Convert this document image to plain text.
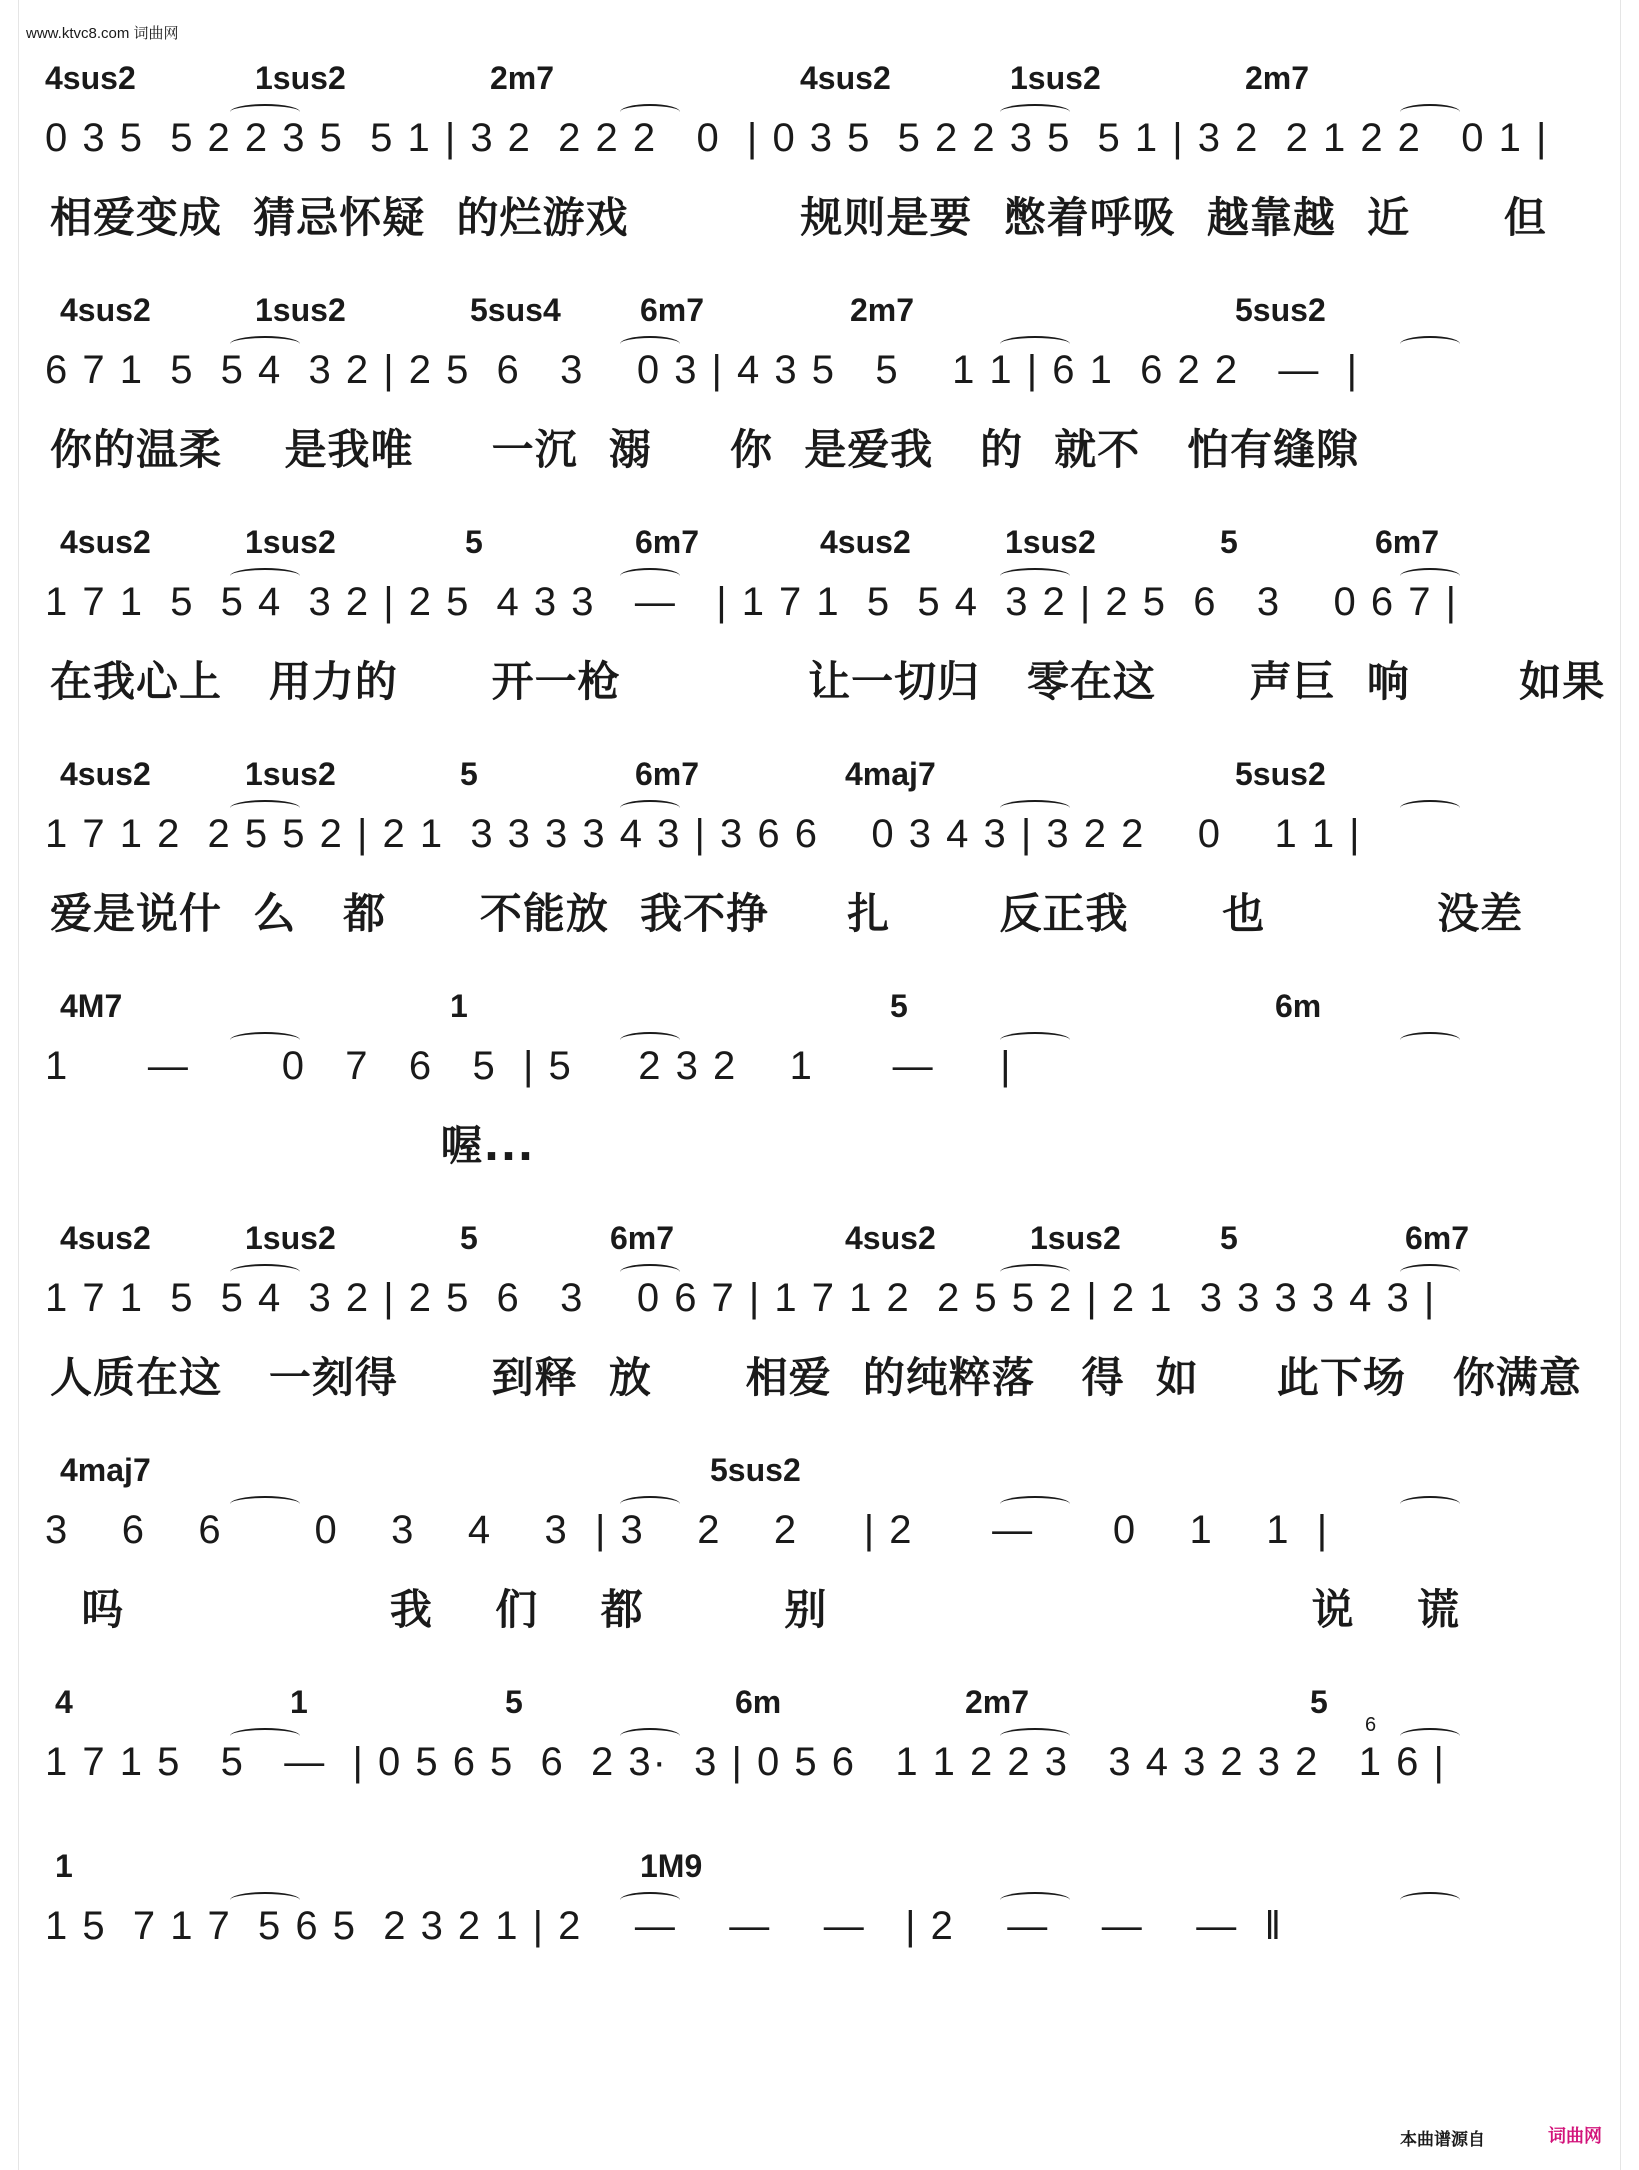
www.ktvc8.com 词曲网
4sus2	1sus2	2m7	4sus2	1sus2	2m7
0 3 5  5 2 2 3 5  5 1 | 3 2  2 2 2   0  | 0 3 5  5 2 2 3 5  5 1 | 3 2  2 1 2 2   0 1 |
相爱变成  猜忌怀疑  的烂游戏           规则是要  憋着呼吸  越靠越  近      但
4sus2	1sus2	5sus4 6m7	2m7	5sus2
6 7 1  5  5 4  3 2 | 2 5  6   3    0 3 | 4 3 5   5    1 1 | 6 1  6 2 2   —  |
你的温柔    是我唯     一沉  溺     你  是爱我   的  就不   怕有缝隙
4sus2	1sus2	5	6m7	4sus2	1sus2	5	6m7
1 7 1  5  5 4  3 2 | 2 5  4 3 3   —   | 1 7 1  5  5 4  3 2 | 2 5  6   3    0 6 7 |
在我心上   用力的      开一枪            让一切归   零在这      声巨  响       如果
4sus2	1sus2	5	6m7	4maj7	5sus2
1 7 1 2  2 5 5 2 | 2 1  3 3 3 3 4 3 | 3 6 6    0 3 4 3 | 3 2 2    0    1 1 |
爱是说什  么   都      不能放  我不挣     扎       反正我      也           没差
4M7	1	5	6m
1      —       0   7   6   5  | 5     2 3 2    1      —     |
喔...
4sus2	1sus2	5	6m7	4sus2	1sus2	5	6m7
1 7 1  5  5 4  3 2 | 2 5  6   3    0 6 7 | 1 7 1 2  2 5 5 2 | 2 1  3 3 3 3 4 3 |
人质在这   一刻得      到释  放      相爱  的纯粹落   得  如     此下场   你满意
4maj7	5sus2
3    6    6       0    3    4    3  | 3    2    2     | 2      —      0    1    1  |
吗                 我    们    都         别                               说    谎
4	1	5	6m	2m7	5
1 7 1 5   5   —  | 0 5 6 5  6  2 3·  3 | 0 5 6   1 1 2 2 3   3 4 3 2 3 2   1 6 |
1	1M9
1 5  7 1 7  5 6 5  2 3 2 1 | 2    —    —    —   | 2    —    —    —  ‖
6
本曲谱源自	词曲网
